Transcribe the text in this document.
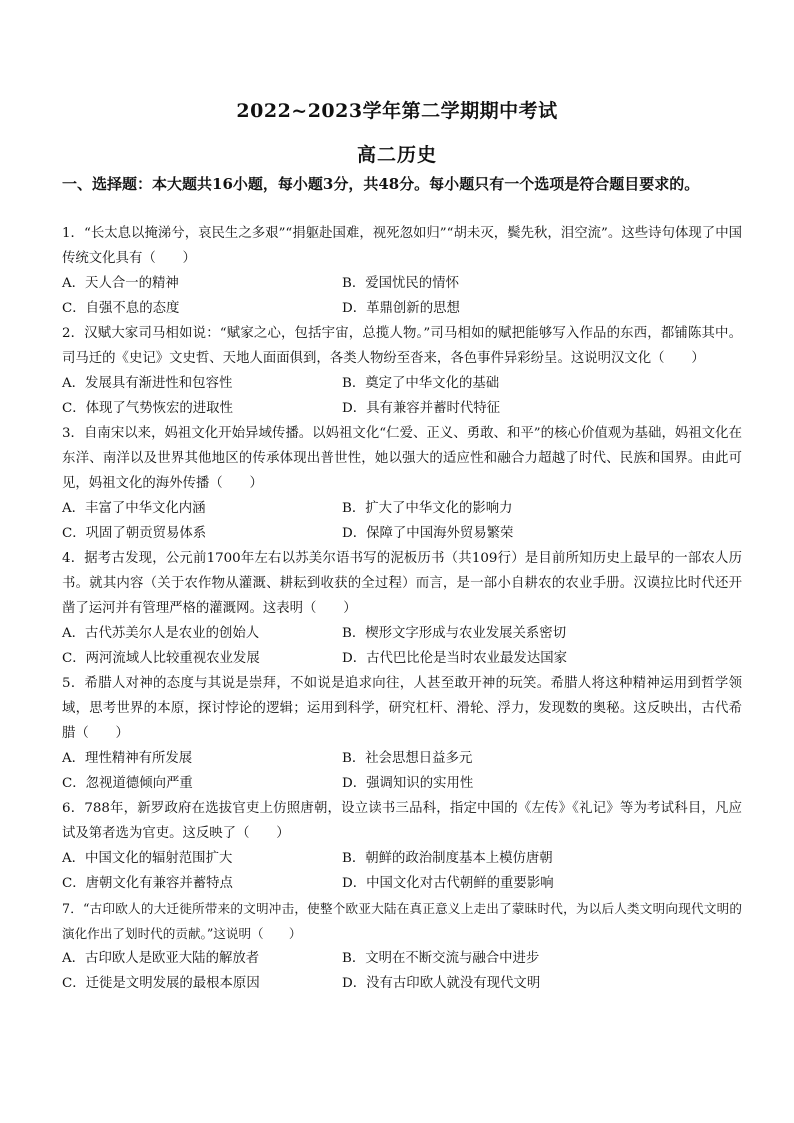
2022~2023学年第二学期期中考试
高二历史
一、选择题：本大题共16小题，每小题3分，共48分。每小题只有一个选项是符合题目要求的。

1．“长太息以掩涕兮，哀民生之多艰”“捐躯赴国难，视死忽如归”“胡未灭，鬓先秋，泪空流”。这些诗句体现了中国传统文化具有（　　）

A．天人合一的精神	B．爱国忧民的情怀
C．自强不息的态度	D．革鼎创新的思想

2．汉赋大家司马相如说：“赋家之心，包括宇宙，总揽人物。”司马相如的赋把能够写入作品的东西，都铺陈其中。司马迁的《史记》文史哲、天地人面面俱到，各类人物纷至沓来，各色事件异彩纷呈。这说明汉文化（　　）

A．发展具有渐进性和包容性	B．奠定了中华文化的基础
C．体现了气势恢宏的进取性	D．具有兼容并蓄时代特征

3．自南宋以来，妈祖文化开始异域传播。以妈祖文化“仁爱、正义、勇敢、和平”的核心价值观为基础，妈祖文化在东洋、南洋以及世界其他地区的传承体现出普世性，她以强大的适应性和融合力超越了时代、民族和国界。由此可见，妈祖文化的海外传播（　　）

A．丰富了中华文化内涵	B．扩大了中华文化的影响力
C．巩固了朝贡贸易体系	D．保障了中国海外贸易繁荣

4．据考古发现，公元前1700年左右以苏美尔语书写的泥板历书（共109行）是目前所知历史上最早的一部农人历书。就其内容（关于农作物从灌溉、耕耘到收获的全过程）而言，是一部小自耕农的农业手册。汉谟拉比时代还开凿了运河并有管理严格的灌溉网。这表明（　　）

A．古代苏美尔人是农业的创始人	B．楔形文字形成与农业发展关系密切
C．两河流域人比较重视农业发展	D．古代巴比伦是当时农业最发达国家

5．希腊人对神的态度与其说是崇拜，不如说是追求向往，人甚至敢开神的玩笑。希腊人将这种精神运用到哲学领域，思考世界的本原，探讨悖论的逻辑；运用到科学，研究杠杆、滑轮、浮力，发现数的奥秘。这反映出，古代希腊（　　）

A．理性精神有所发展	B．社会思想日益多元
C．忽视道德倾向严重	D．强调知识的实用性

6．788年，新罗政府在选拔官吏上仿照唐朝，设立读书三品科，指定中国的《左传》《礼记》等为考试科目，凡应试及第者选为官吏。这反映了（　　）

A．中国文化的辐射范围扩大	B．朝鲜的政治制度基本上模仿唐朝
C．唐朝文化有兼容并蓄特点	D．中国文化对古代朝鲜的重要影响

7．“古印欧人的大迁徙所带来的文明冲击，使整个欧亚大陆在真正意义上走出了蒙昧时代，为以后人类文明向现代文明的演化作出了划时代的贡献。”这说明（　　）

A．古印欧人是欧亚大陆的解放者	B．文明在不断交流与融合中进步
C．迁徙是文明发展的最根本原因	D．没有古印欧人就没有现代文明
